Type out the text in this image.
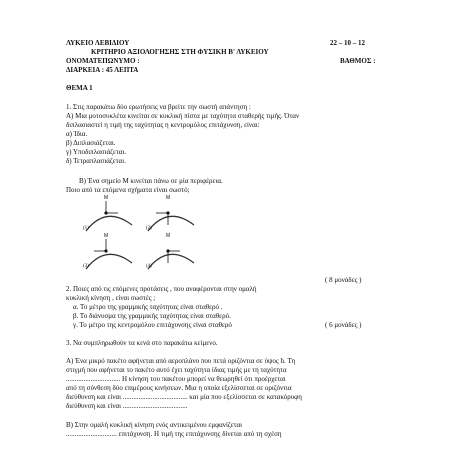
ΛΥΚΕΙΟ ΛΕΒΙΔΙΟΥ	22 – 10 – 12
ΚΡΙΤΗΡΙΟ ΑΞΙΟΛΟΓΗΣΗΣ ΣΤΗ ΦΥΣΙΚΗ Β' ΛΥΚΕΙΟΥ
ΟΝΟΜΑΤΕΠΩΝΥΜΟ :	ΒΑΘΜΟΣ :
ΔΙΑΡΚΕΙΑ : 45 ΛΕΠΤΑ
ΘΕΜΑ 1
1. Στις παρακάτω δύο ερωτήσεις να βρείτε την σωστή απάντηση :
Α) Μια μοτοσυκλέτα κινείται σε κυκλική πίστα με ταχύτητα σταθερής τιμής. Όταν
διπλασιαστεί η τιμή της ταχύτητας η κεντρομόλος επιτάχυνση, είναι:
α) Ίδια.
β) Διπλασιάζεται.
γ) Υποδιπλασιάζεται.
δ) Τετραπλασιάζεται.
Β) Ένα σημείο Μ κινείται πάνω σε μία περιφέρεια.
Ποιο από τα επόμενα σχήματα είναι σωστό;
M
(1)
M
(2)
M
(3)
M
(4)
( 8 μονάδες )
2. Ποιες από τις επόμενες προτάσεις , που αναφέρονται στην ομαλή
κυκλική κίνηση , είναι σωστές ;
α. Το μέτρο της γραμμικής ταχύτητας είναι σταθερό .
β. Το διάνυσμα της γραμμικής ταχύτητας είναι σταθερό.
γ. Το μέτρο της κεντρομόλου επιτάχυνσης είναι σταθερό	( 6 μονάδες )
3. Να συμπληρωθούν τα κενά στο παρακάτω κείμενο.
Α) Ένα μικρό πακέτο αφήνεται από αεροπλάνο που πετά οριζόντια σε ύψος h. Τη
στιγμή που αφήνεται το πακέτο αυτό έχει ταχύτητα ίδιας τιμής με τη ταχύτητα
............................... Η κίνηση του πακέτου μπορεί να θεωρηθεί ότι προέρχεται
από τη σύνθεση δύο επιμέρους κινήσεων. Μια η οποία εξελίσσεται σε οριζόντια
διεύθυνση και είναι ..................................... και μία που εξελίσσεται σε κατακόρυφη
διεύθυνση και είναι .....................................
Β) Στην ομαλή κυκλική κίνηση ενός αντικειμένου εμφανίζεται
............................. επιτάχυνση. Η τιμή της επιτάχυνσης δίνεται από τη σχέση
